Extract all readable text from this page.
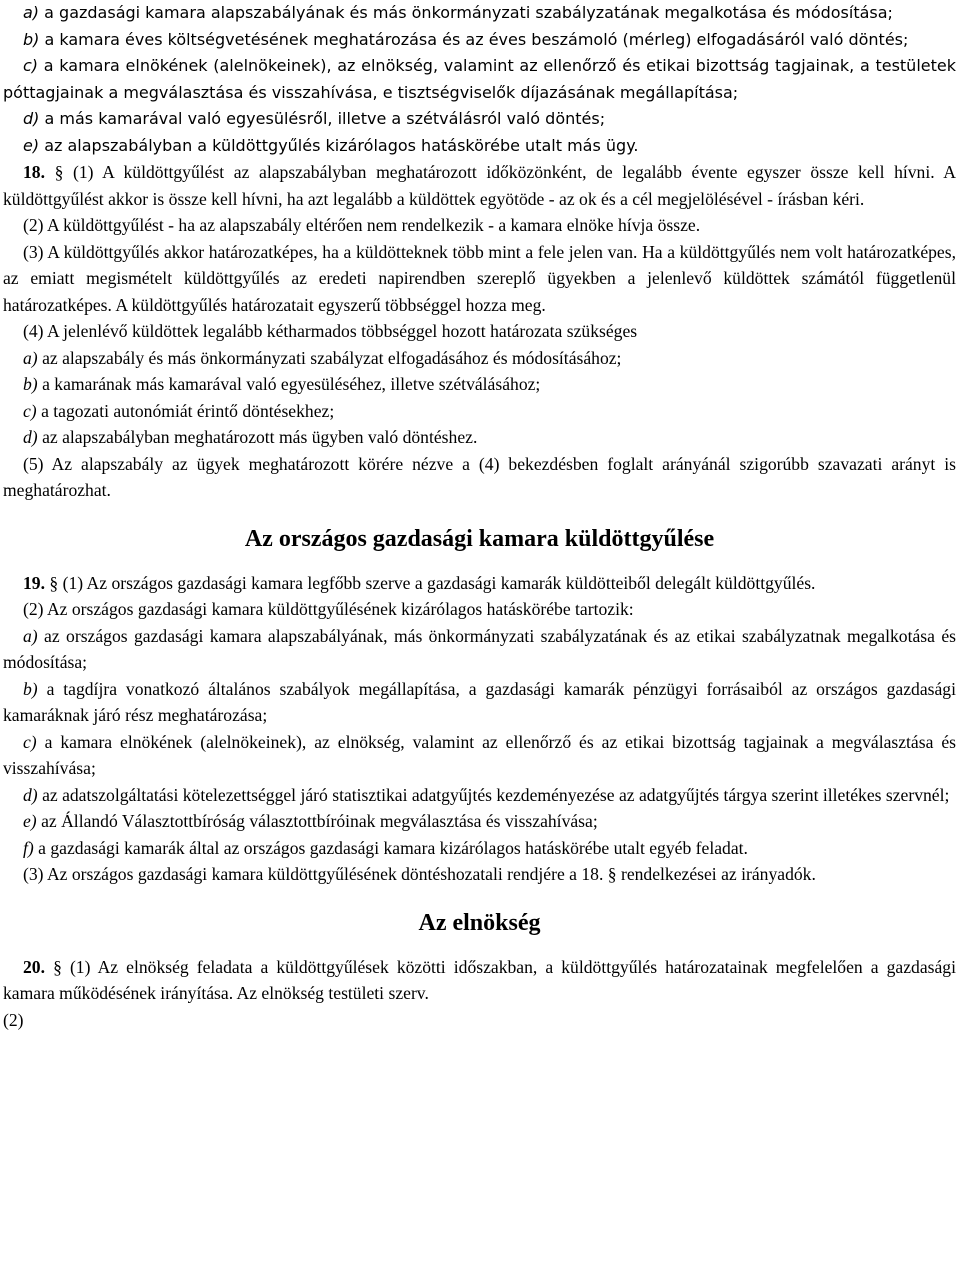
a) a gazdasági kamara alapszabályának és más önkormányzati szabályzatának megalkotása és módosítása;

b) a kamara éves költségvetésének meghatározása és az éves beszámoló (mérleg) elfogadásáról való döntés;

c) a kamara elnökének (alelnökeinek), az elnökség, valamint az ellenőrző és etikai bizottság tagjainak, a testületek póttagjainak a megválasztása és visszahívása, e tisztségviselők díjazásának megállapítása;

d) a más kamarával való egyesülésről, illetve a szétválásról való döntés;

e) az alapszabályban a küldöttgyűlés kizárólagos hatáskörébe utalt más ügy.

18. § (1) A küldöttgyűlést az alapszabályban meghatározott időközönként, de legalább évente egyszer össze kell hívni. A küldöttgyűlést akkor is össze kell hívni, ha azt legalább a küldöttek egyötöde - az ok és a cél megjelölésével - írásban kéri.

(2) A küldöttgyűlést - ha az alapszabály eltérően nem rendelkezik - a kamara elnöke hívja össze.

(3) A küldöttgyűlés akkor határozatképes, ha a küldötteknek több mint a fele jelen van. Ha a küldöttgyűlés nem volt határozatképes, az emiatt megismételt küldöttgyűlés az eredeti napirendben szereplő ügyekben a jelenlevő küldöttek számától függetlenül határozatképes. A küldöttgyűlés határozatait egyszerű többséggel hozza meg.

(4) A jelenlévő küldöttek legalább kétharmados többséggel hozott határozata szükséges

a) az alapszabály és más önkormányzati szabályzat elfogadásához és módosításához;

b) a kamarának más kamarával való egyesüléséhez, illetve szétválásához;

c) a tagozati autonómiát érintő döntésekhez;

d) az alapszabályban meghatározott más ügyben való döntéshez.

(5) Az alapszabály az ügyek meghatározott körére nézve a (4) bekezdésben foglalt arányánál szigorúbb szavazati arányt is meghatározhat.

Az országos gazdasági kamara küldöttgyűlése

19. § (1) Az országos gazdasági kamara legfőbb szerve a gazdasági kamarák küldötteiből delegált küldöttgyűlés.

(2) Az országos gazdasági kamara küldöttgyűlésének kizárólagos hatáskörébe tartozik:

a) az országos gazdasági kamara alapszabályának, más önkormányzati szabályzatának és az etikai szabályzatnak megalkotása és módosítása;

b) a tagdíjra vonatkozó általános szabályok megállapítása, a gazdasági kamarák pénzügyi forrásaiból az országos gazdasági kamaráknak járó rész meghatározása;

c) a kamara elnökének (alelnökeinek), az elnökség, valamint az ellenőrző és az etikai bizottság tagjainak a megválasztása és visszahívása;

d) az adatszolgáltatási kötelezettséggel járó statisztikai adatgyűjtés kezdeményezése az adatgyűjtés tárgya szerint illetékes szervnél;

e) az Állandó Választottbíróság választottbíróinak megválasztása és visszahívása;

f) a gazdasági kamarák által az országos gazdasági kamara kizárólagos hatáskörébe utalt egyéb feladat.

(3) Az országos gazdasági kamara küldöttgyűlésének döntéshozatali rendjére a 18. § rendelkezései az irányadók.

Az elnökség

20. § (1) Az elnökség feladata a küldöttgyűlések közötti időszakban, a küldöttgyűlés határozatainak megfelelően a gazdasági kamara működésének irányítása. Az elnökség testületi szerv.

(2)
